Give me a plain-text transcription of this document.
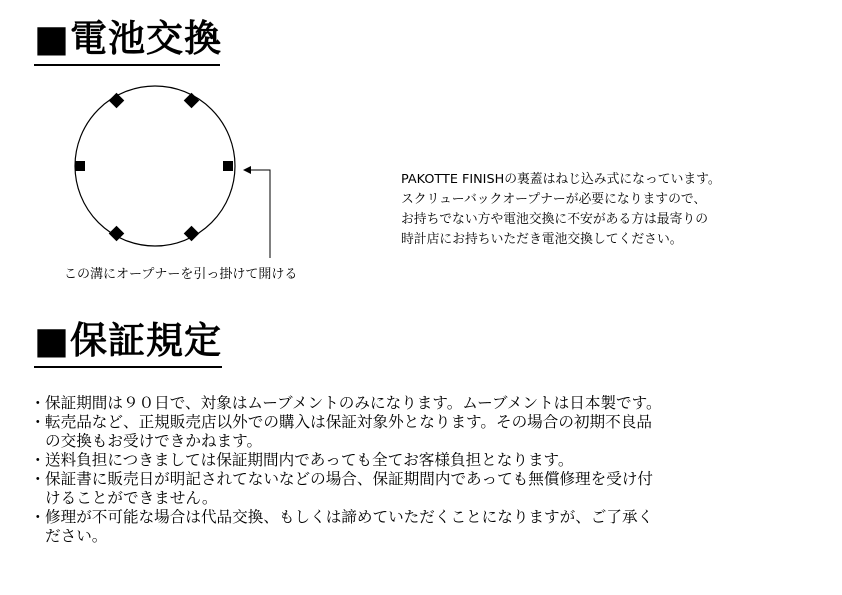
■電池交換
この溝にオープナーを引っ掛けて開ける

PAKOTTE FINISHの裏蓋はねじ込み式になっています。

スクリューバックオープナーが必要になりますので、

お持ちでない方や電池交換に不安がある方は最寄りの

時計店にお持ちいただき電池交換してください。

■保証規定
・ 保証期間は９０日で、対象はムーブメントのみになります。ムーブメントは日本製です。
・ 転売品など、正規販売店以外での購入は保証対象外となります。その場合の初期不良品
の交換もお受けできかねます。
・ 送料負担につきましては保証期間内であっても全てお客様負担となります。
・ 保証書に販売日が明記されてないなどの場合、保証期間内であっても無償修理を受け付
けることができません。
・ 修理が不可能な場合は代品交換、もしくは諦めていただくことになりますが、ご了承く
ださい。
